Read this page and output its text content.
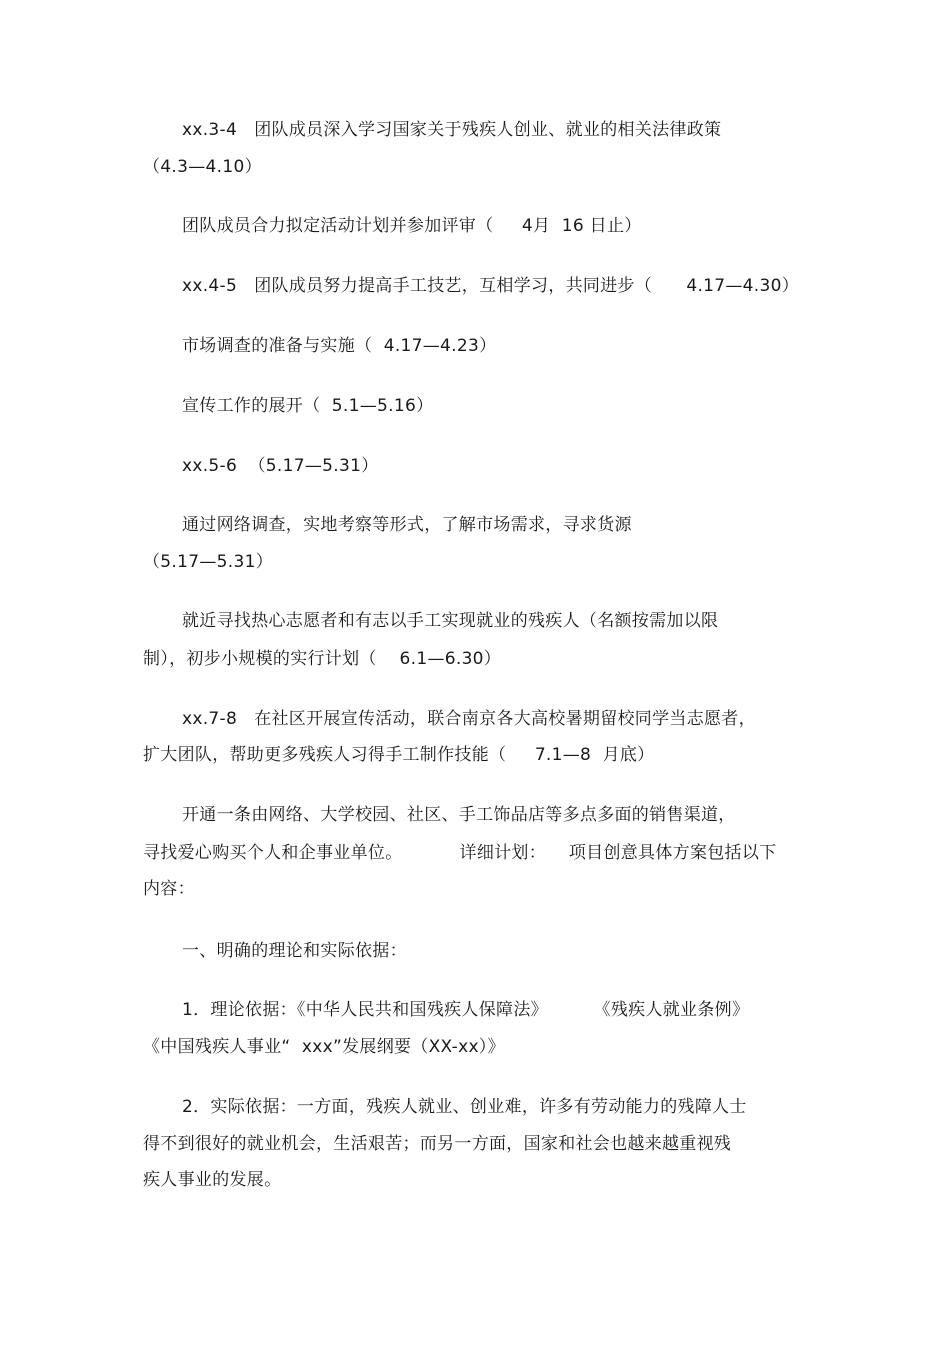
xx.3-4   团队成员深入学习国家关于残疾人创业、就业的相关法律政策
（4.3—4.10）
团队成员合力拟定活动计划并参加评审（     4月  16 日止）
xx.4-5   团队成员努力提高手工技艺，互相学习，共同进步（      4.17—4.30）
市场调查的准备与实施（  4.17—4.23）
宣传工作的展开（  5.1—5.16）
xx.5-6  （5.17—5.31）
通过网络调查，实地考察等形式，了解市场需求，寻求货源
（5.17—5.31）
就近寻找热心志愿者和有志以手工实现就业的残疾人（名额按需加以限
制），初步小规模的实行计划（    6.1—6.30）
xx.7-8   在社区开展宣传活动，联合南京各大高校暑期留校同学当志愿者，
扩大团队，帮助更多残疾人习得手工制作技能（     7.1—8  月底）
开通一条由网络、大学校园、社区、手工饰品店等多点多面的销售渠道，
寻找爱心购买个人和企事业单位。          详细计划：    项目创意具体方案包括以下
内容：
一、明确的理论和实际依据：
1．理论依据：《中华人民共和国残疾人保障法》        《残疾人就业条例》
《中国残疾人事业“  xxx”发展纲要（XX-xx）》
2．实际依据：一方面，残疾人就业、创业难，许多有劳动能力的残障人士
得不到很好的就业机会，生活艰苦；而另一方面，国家和社会也越来越重视残
疾人事业的发展。
